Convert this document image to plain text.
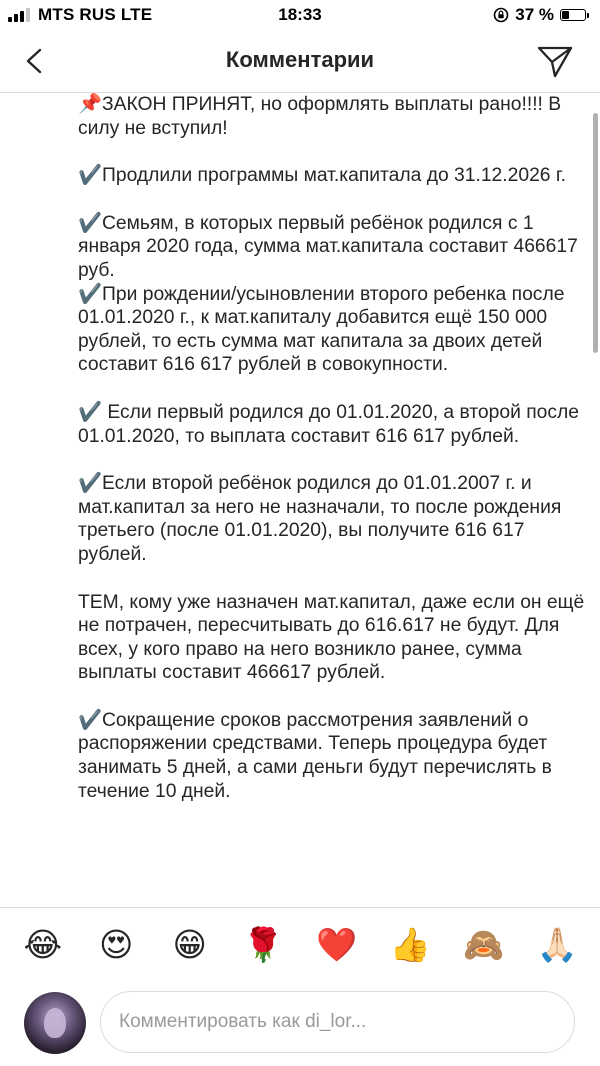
MTS RUS LTE	18:33	37 %
Комментарии

📌ЗАКОН ПРИНЯТ, но оформлять выплаты рано!!!! В силу не вступил!

✔️Продлили программы мат.капитала до 31.12.2026 г.

✔️Семьям, в которых первый ребёнок родился с 1 января 2020 года, сумма мат.капитала составит 466617 руб.

✔️При рождении/усыновлении второго ребенка после 01.01.2020 г., к мат.капиталу добавится ещё 150 000 рублей, то есть сумма мат капитала за двоих детей составит 616 617 рублей в совокупности.

✔️ Если первый родился до 01.01.2020, а второй после 01.01.2020, то выплата составит 616 617 рублей.

✔️Если второй ребёнок родился до 01.01.2007 г. и мат.капитал за него не назначали, то после рождения третьего (после 01.01.2020), вы получите 616 617 рублей.

ТЕМ, кому уже назначен мат.капитал, даже если он ещё не потрачен, пересчитывать до 616.617 не будут. Для всех, у кого право на него возникло ранее, сумма выплаты составит 466617 рублей.

✔️Сокращение сроков рассмотрения заявлений о распоряжении средствами. Теперь процедура будет занимать 5 дней, а сами деньги будут перечислять в течение 10 дней.

😂 😍 😁 🌹 ❤️ 👍 🙈 🙏🏻
Комментировать как di_lor...
